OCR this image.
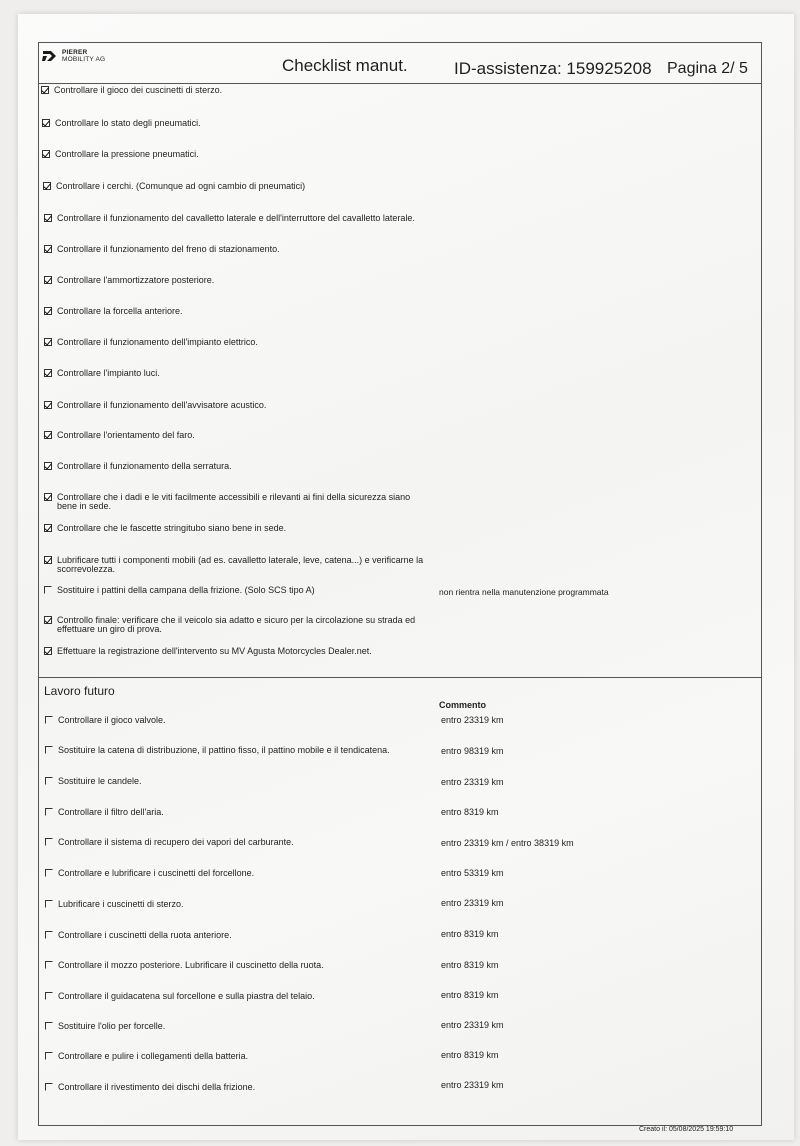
PIERER
MOBILITY AG	Checklist manut.	ID-assistenza: 159925208 Pagina 2/ 5
Controllare il gioco dei cuscinetti di sterzo.
Controllare lo stato degli pneumatici.
Controllare la pressione pneumatici.
Controllare i cerchi. (Comunque ad ogni cambio di pneumatici)
Controllare il funzionamento del cavalletto laterale e dell'interruttore del cavalletto laterale.
Controllare il funzionamento del freno di stazionamento.
Controllare l'ammortizzatore posteriore.
Controllare la forcella anteriore.
Controllare il funzionamento dell'impianto elettrico.
Controllare l'impianto luci.
Controllare il funzionamento dell'avvisatore acustico.
Controllare l'orientamento del faro.
Controllare il funzionamento della serratura.
Controllare che i dadi e le viti facilmente accessibili e rilevanti ai fini della sicurezza siano bene in sede.
Controllare che le fascette stringitubo siano bene in sede.
Lubrificare tutti i componenti mobili (ad es. cavalletto laterale, leve, catena...) e verificarne la scorrevolezza.
Sostituire i pattini della campana della frizione. (Solo SCS tipo A)	non rientra nella manutenzione programmata
Controllo finale: verificare che il veicolo sia adatto e sicuro per la circolazione su strada ed effettuare un giro di prova.
Effettuare la registrazione dell'intervento su MV Agusta Motorcycles Dealer.net.
Lavoro futuro
Commento
Controllare il gioco valvole.	entro 23319 km
Sostituire la catena di distribuzione, il pattino fisso, il pattino mobile e il tendicatena.	entro 98319 km
Sostituire le candele.	entro 23319 km
Controllare il filtro dell'aria.	entro 8319 km
Controllare il sistema di recupero dei vapori del carburante.	entro 23319 km / entro 38319 km
Controllare e lubrificare i cuscinetti del forcellone.	entro 53319 km
Lubrificare i cuscinetti di sterzo.	entro 23319 km
Controllare i cuscinetti della ruota anteriore.	entro 8319 km
Controllare il mozzo posteriore. Lubrificare il cuscinetto della ruota.	entro 8319 km
Controllare il guidacatena sul forcellone e sulla piastra del telaio.	entro 8319 km
Sostituire l'olio per forcelle.	entro 23319 km
Controllare e pulire i collegamenti della batteria.	entro 8319 km
Controllare il rivestimento dei dischi della frizione.	entro 23319 km
Creato il: 05/08/2025 19:59:10
